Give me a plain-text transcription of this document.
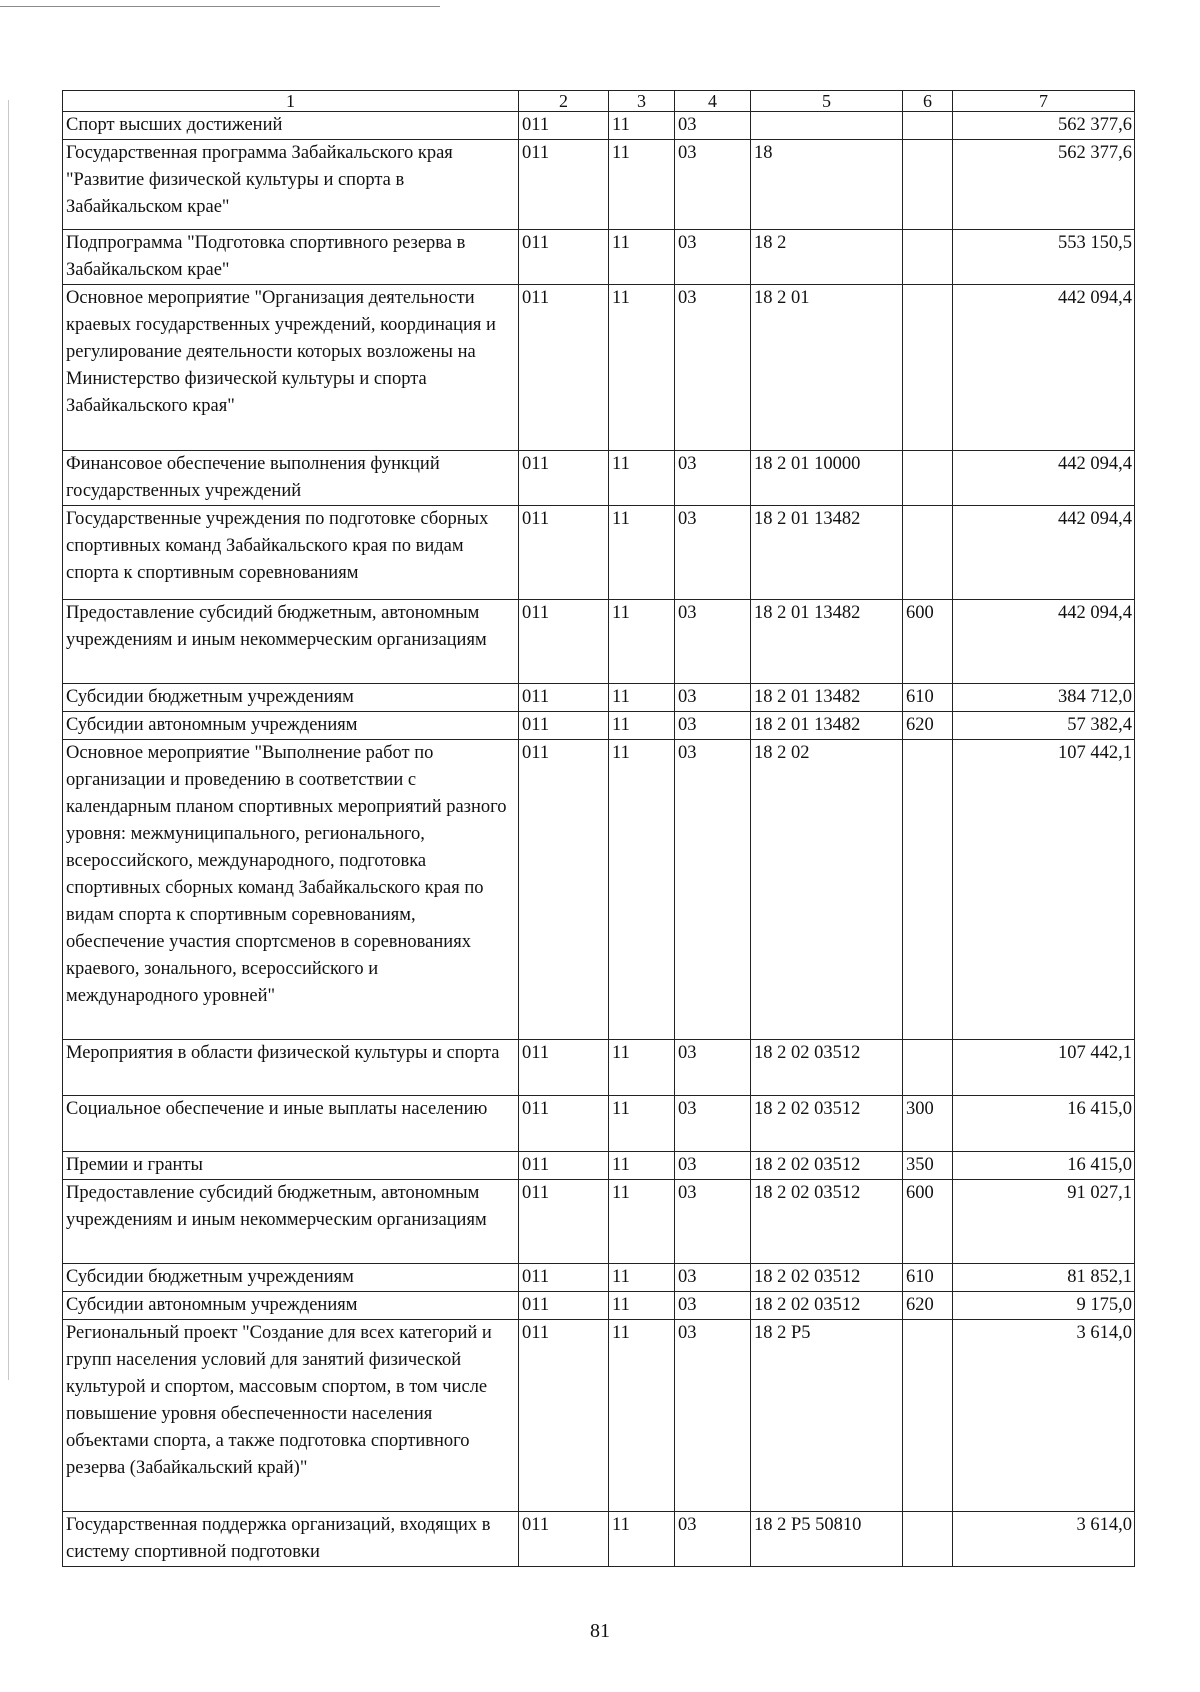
1	2	3	4	5	6	7
Спорт высших достижений	011	11	03			562 377,6
Государственная программа Забайкальского края "Развитие физической культуры и спорта в Забайкальском крае"	011	11	03	18		562 377,6
Подпрограмма "Подготовка спортивного резерва в Забайкальском крае"	011	11	03	18 2		553 150,5
Основное мероприятие "Организация деятельности краевых государственных учреждений, координация и регулирование деятельности которых возложены на Министерство физической культуры и спорта Забайкальского края"	011	11	03	18 2 01		442 094,4
Финансовое обеспечение выполнения функций государственных учреждений	011	11	03	18 2 01 10000		442 094,4
Государственные учреждения по подготовке сборных спортивных команд Забайкальского края по видам спорта к спортивным соревнованиям	011	11	03	18 2 01 13482		442 094,4
Предоставление субсидий бюджетным, автономным учреждениям и иным некоммерческим организациям	011	11	03	18 2 01 13482	600	442 094,4
Субсидии бюджетным учреждениям	011	11	03	18 2 01 13482	610	384 712,0
Субсидии автономным учреждениям	011	11	03	18 2 01 13482	620	57 382,4
Основное мероприятие "Выполнение работ по организации и проведению в соответствии с календарным планом спортивных мероприятий разного уровня: межмуниципального, регионального, всероссийского, международного, подготовка спортивных сборных команд Забайкальского края по видам спорта к спортивным соревнованиям, обеспечение участия спортсменов в соревнованиях краевого, зонального, всероссийского и международного уровней"	011	11	03	18 2 02		107 442,1
Мероприятия в области физической культуры и спорта	011	11	03	18 2 02 03512		107 442,1
Социальное обеспечение и иные выплаты населению	011	11	03	18 2 02 03512	300	16 415,0
Премии и гранты	011	11	03	18 2 02 03512	350	16 415,0
Предоставление субсидий бюджетным, автономным учреждениям и иным некоммерческим организациям	011	11	03	18 2 02 03512	600	91 027,1
Субсидии бюджетным учреждениям	011	11	03	18 2 02 03512	610	81 852,1
Субсидии автономным учреждениям	011	11	03	18 2 02 03512	620	9 175,0
Региональный проект "Создание для всех категорий и групп населения условий для занятий физической культурой и спортом, массовым спортом, в том числе повышение уровня обеспеченности населения объектами спорта, а также подготовка спортивного резерва (Забайкальский край)"	011	11	03	18 2 P5		3 614,0
Государственная поддержка организаций, входящих в систему спортивной подготовки	011	11	03	18 2 P5 50810		3 614,0
81
